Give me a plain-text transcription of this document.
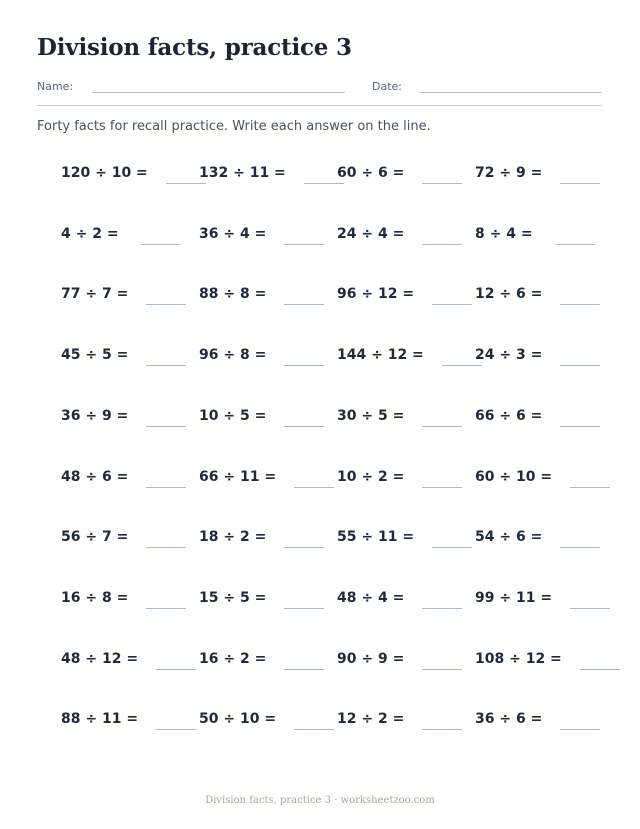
Division facts, practice 3
Name:	Date:

Forty facts for recall practice. Write each answer on the line.

120 ÷ 10 =	132 ÷ 11 =	60 ÷ 6 =	72 ÷ 9 =
4 ÷ 2 =	36 ÷ 4 =	24 ÷ 4 =	8 ÷ 4 =
77 ÷ 7 =	88 ÷ 8 =	96 ÷ 12 =	12 ÷ 6 =
45 ÷ 5 =	96 ÷ 8 =	144 ÷ 12 =	24 ÷ 3 =
36 ÷ 9 =	10 ÷ 5 =	30 ÷ 5 =	66 ÷ 6 =
48 ÷ 6 =	66 ÷ 11 =	10 ÷ 2 =	60 ÷ 10 =
56 ÷ 7 =	18 ÷ 2 =	55 ÷ 11 =	54 ÷ 6 =
16 ÷ 8 =	15 ÷ 5 =	48 ÷ 4 =	99 ÷ 11 =
48 ÷ 12 =	16 ÷ 2 =	90 ÷ 9 =	108 ÷ 12 =
88 ÷ 11 =	50 ÷ 10 =	12 ÷ 2 =	36 ÷ 6 =

Division facts, practice 3 · worksheetzoo.com
